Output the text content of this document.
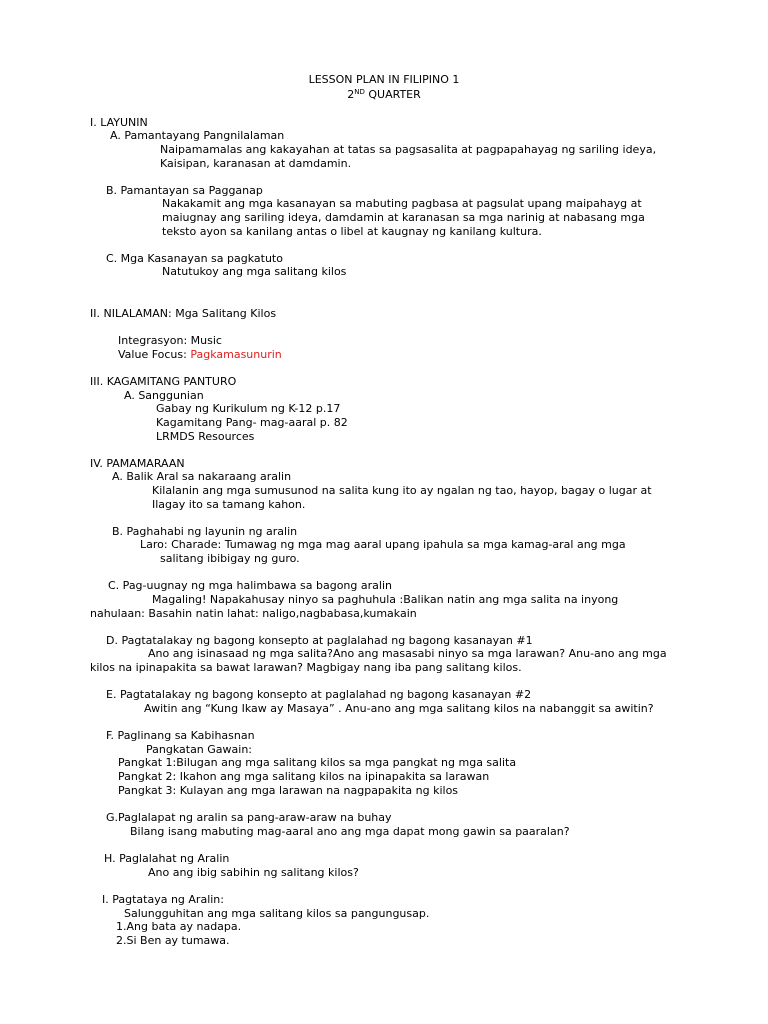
LESSON PLAN IN FILIPINO 1
2ND QUARTER
I. LAYUNIN
A. Pamantayang Pangnilalaman
Naipamamalas ang kakayahan at tatas sa pagsasalita at pagpapahayag ng sariling ideya,
Kaisipan, karanasan at damdamin.
B. Pamantayan sa Pagganap
Nakakamit ang mga kasanayan sa mabuting pagbasa at pagsulat upang maipahayg at
maiugnay ang sariling ideya, damdamin at karanasan sa mga narinig at nabasang mga
teksto ayon sa kanilang antas o libel at kaugnay ng kanilang kultura.
C. Mga Kasanayan sa pagkatuto
Natutukoy ang mga salitang kilos
II. NILALAMAN: Mga Salitang Kilos
Integrasyon: Music
Value Focus: Pagkamasunurin
III. KAGAMITANG PANTURO
A. Sanggunian
Gabay ng Kurikulum ng K-12 p.17
Kagamitang Pang- mag-aaral p. 82
LRMDS Resources
IV. PAMAMARAAN
A. Balik Aral sa nakaraang aralin
Kilalanin ang mga sumusunod na salita kung ito ay ngalan ng tao, hayop, bagay o lugar at
Ilagay ito sa tamang kahon.
B. Paghahabi ng layunin ng aralin
Laro: Charade: Tumawag ng mga mag aaral upang ipahula sa mga kamag-aral ang mga
salitang ibibigay ng guro.
C. Pag-uugnay ng mga halimbawa sa bagong aralin
Magaling! Napakahusay ninyo sa paghuhula :Balikan natin ang mga salita na inyong
nahulaan: Basahin natin lahat: naligo,nagbabasa,kumakain
D. Pagtatalakay ng bagong konsepto at paglalahad ng bagong kasanayan #1
Ano ang isinasaad ng mga salita?Ano ang masasabi ninyo sa mga larawan? Anu-ano ang mga
kilos na ipinapakita sa bawat larawan? Magbigay nang iba pang salitang kilos.
E. Pagtatalakay ng bagong konsepto at paglalahad ng bagong kasanayan #2
Awitin ang “Kung Ikaw ay Masaya” . Anu-ano ang mga salitang kilos na nabanggit sa awitin?
F. Paglinang sa Kabihasnan
Pangkatan Gawain:
Pangkat 1:Bilugan ang mga salitang kilos sa mga pangkat ng mga salita
Pangkat 2: Ikahon ang mga salitang kilos na ipinapakita sa larawan
Pangkat 3: Kulayan ang mga larawan na nagpapakita ng kilos
G.Paglalapat ng aralin sa pang-araw-araw na buhay
Bilang isang mabuting mag-aaral ano ang mga dapat mong gawin sa paaralan?
H. Paglalahat ng Aralin
Ano ang ibig sabihin ng salitang kilos?
I. Pagtataya ng Aralin:
Salungguhitan ang mga salitang kilos sa pangungusap.
1.Ang bata ay nadapa.
2.Si Ben ay tumawa.
